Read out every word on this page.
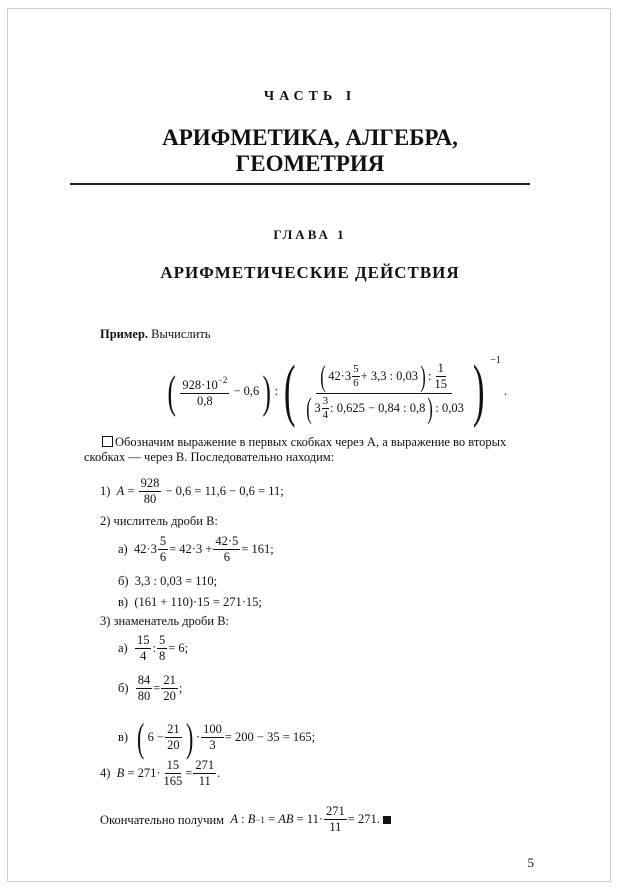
ЧАСТЬ I
АРИФМЕТИКА, АЛГЕБРА,
ГЕОМЕТРИЯ
ГЛАВА 1
АРИФМЕТИЧЕСКИЕ ДЕЙСТВИЯ
Пример. Вычислить
( $\frac{928\cdot 10^{-2}}{0,8} - 0,6$ ) : ( ( $42\cdot 3 \frac{5}{6} + 3,3$ : 0,03 ) : $\frac{1}{15}$
( $3 \frac{3}{4}$ : 0,625 − 0,84 : 0,8 ) : 0,03 ) −1
.
Обозначим выражение в первых скобках через A, а выражение во вторых
скобках — через B. Последовательно находим:
1) $A = \frac{928}{80} - 0,6 = 11,6 - 0,6 = 11$;
2) числитель дроби B:
а)  $42\cdot 3 \frac{5}{6} = 42\cdot 3 + \frac{42\cdot 5}{6} = 161$;
б)  3,3 : 0,03 = 110;
в)  (161 + 110)·15 = 271·15;
3) знаменатель дроби B:
$а) \frac{15}{4}$ : $\frac{5}{8} = 6$;
$б) \frac{84}{80} = \frac{21}{20}$ ;
в) ( $6 - \frac{21}{20}$ ) · $\frac{100}{3} = 200 - 35 = 165$;
4) $B = 271\cdot \frac{15}{165} = \frac{271}{11}$ .
Окончательно получим
A : B −1 = AB = $11\cdot \frac{271}{11} = 271$.
5
